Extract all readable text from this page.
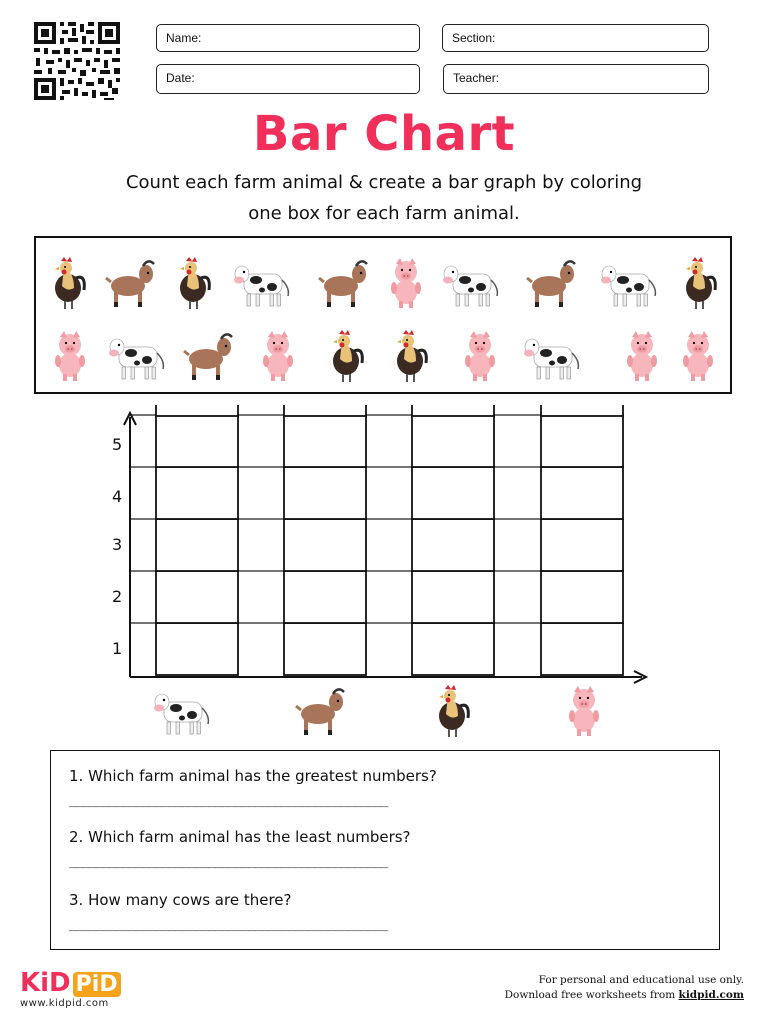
Name:	Section:
Date:	Teacher:
Bar Chart
Count each farm animal & create a bar graph by coloring
one box for each farm animal.
1
2
3
4
5
1. Which farm animal has the greatest numbers?
________________________________________________
2. Which farm animal has the least numbers?
________________________________________________
3. How many cows are there?
________________________________________________
KiD PiD
www.kidpid.com
For personal and educational use only.
Download free worksheets from kidpid.com
